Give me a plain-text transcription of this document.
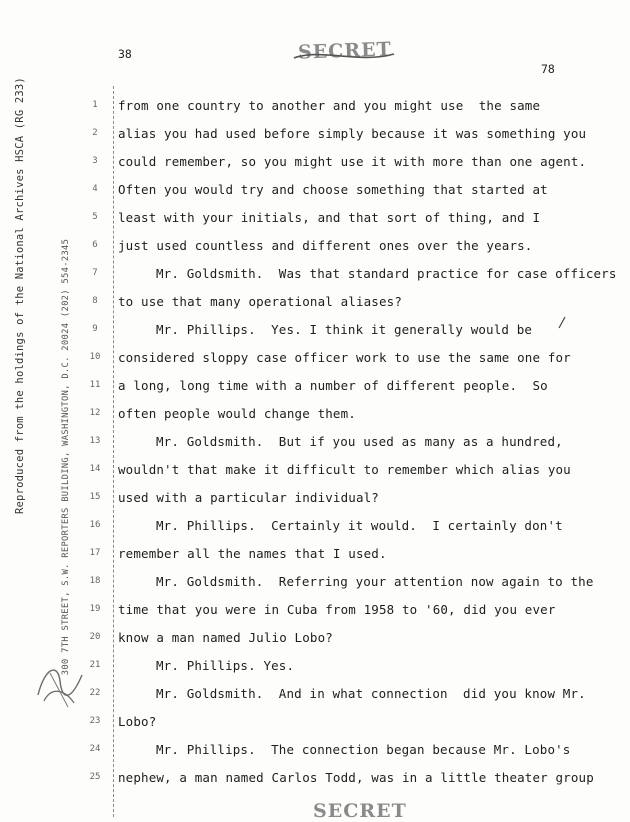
Reproduced from the holdings of the National Archives HSCA (RG 233)	300 7TH STREET, S.W. REPORTERS BUILDING, WASHINGTON, D.C. 20024 (202) 554-2345
38
78
SECRET
1
2
3
4
5
6
7
8
9
10
11
12
13
14
15
16
17
18
19
20
21
22
23
24
25
from one country to another and you might use  the same
alias you had used before simply because it was something you
could remember, so you might use it with more than one agent.
Often you would try and choose something that started at
least with your initials, and that sort of thing, and I
just used countless and different ones over the years.
Mr. Goldsmith.  Was that standard practice for case officers
to use that many operational aliases?
Mr. Phillips.  Yes. I think it generally would be
considered sloppy case officer work to use the same one for
a long, long time with a number of different people.  So
often people would change them.
Mr. Goldsmith.  But if you used as many as a hundred,
wouldn't that make it difficult to remember which alias you
used with a particular individual?
Mr. Phillips.  Certainly it would.  I certainly don't
remember all the names that I used.
Mr. Goldsmith.  Referring your attention now again to the
time that you were in Cuba from 1958 to '60, did you ever
know a man named Julio Lobo?
Mr. Phillips. Yes.
Mr. Goldsmith.  And in what connection  did you know Mr.
Lobo?
Mr. Phillips.  The connection began because Mr. Lobo's
nephew, a man named Carlos Todd, was in a little theater group
SECRET
